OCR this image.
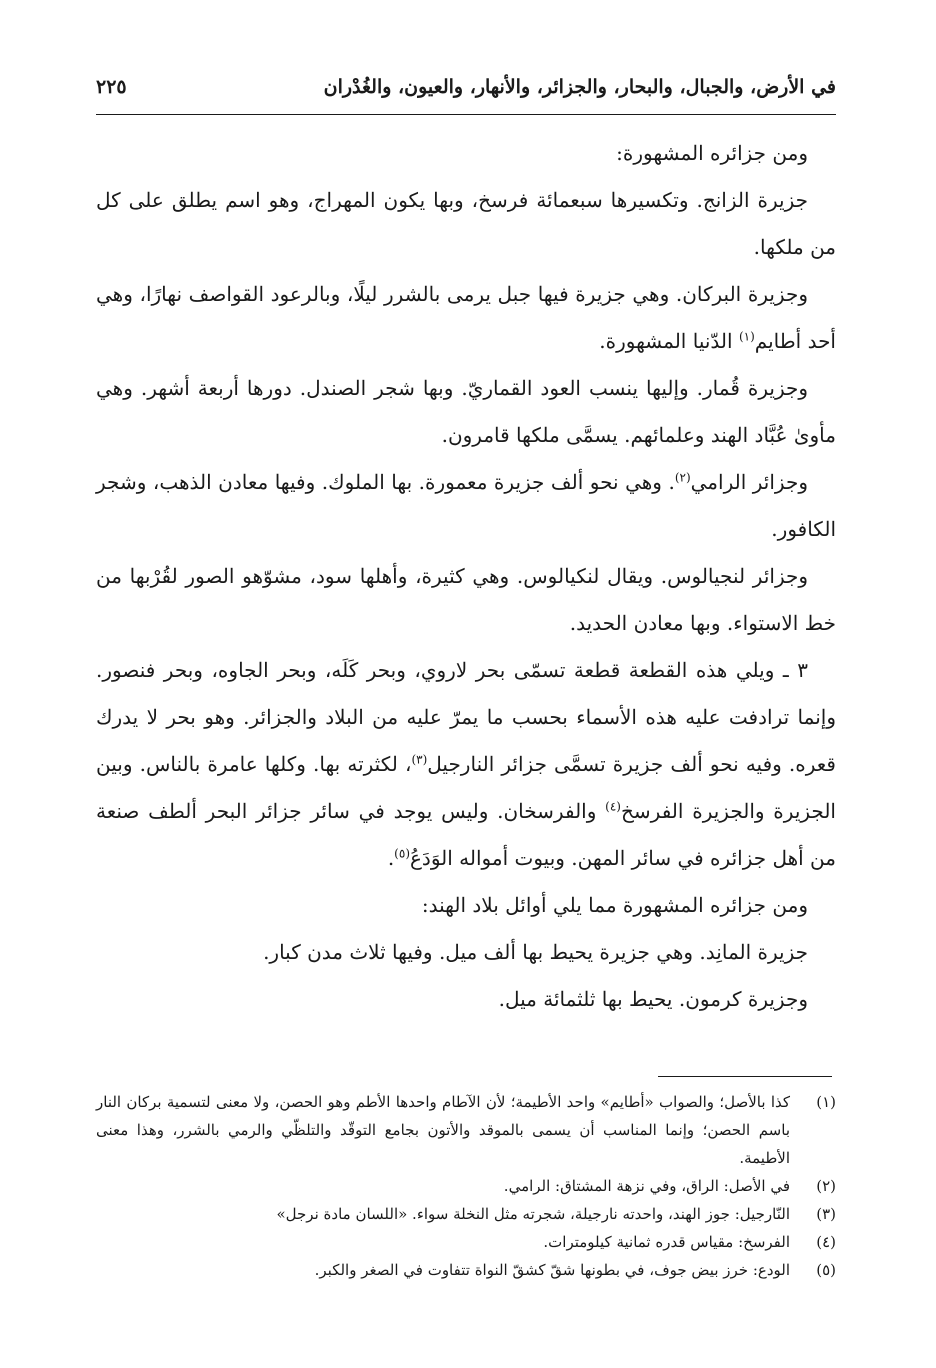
في الأرض، والجبال، والبحار، والجزائر، والأنهار، والعيون، والغُدْران
٢٢٥

ومن جزائره المشهورة:

جزيرة الزانج. وتكسيرها سبعمائة فرسخ، وبها يكون المهراج، وهو اسم يطلق على كل من ملكها.

وجزيرة البركان. وهي جزيرة فيها جبل يرمى بالشرر ليلًا، وبالرعود القواصف نهارًا، وهي أحد أطايم$^{(١)}$ الدّنيا المشهورة.

وجزيرة قُمار. وإليها ينسب العود القماريّ. وبها شجر الصندل. دورها أربعة أشهر. وهي مأوىٰ عُبَّاد الهند وعلمائهم. يسمَّى ملكها قامرون.

وجزائر الرامي$^{(٢)}$. وهي نحو ألف جزيرة معمورة. بها الملوك. وفيها معادن الذهب، وشجر الكافور.

وجزائر لنجيالوس. ويقال لنكيالوس. وهي كثيرة، وأهلها سود، مشوّهو الصور لقُرْبها من خط الاستواء. وبها معادن الحديد.

٣ ـ ويلي هذه القطعة قطعة تسمّى بحر لاروي، وبحر كَلَه، وبحر الجاوه، وبحر فنصور. وإنما ترادفت عليه هذه الأسماء بحسب ما يمرّ عليه من البلاد والجزائر. وهو بحر لا يدرك قعره. وفيه نحو ألف جزيرة تسمَّى جزائر النارجيل$^{(٣)}$، لكثرته بها. وكلها عامرة بالناس. وبين الجزيرة والجزيرة الفرسخ$^{(٤)}$ والفرسخان. وليس يوجد في سائر جزائر البحر ألطف صنعة من أهل جزائره في سائر المهن. وبيوت أمواله الوَدَعُ$^{(٥)}$.

ومن جزائره المشهورة مما يلي أوائل بلاد الهند:

جزيرة المانِد. وهي جزيرة يحيط بها ألف ميل. وفيها ثلاث مدن كبار.

وجزيرة كرمون. يحيط بها ثلثمائة ميل.

(١)
كذا بالأصل؛ والصواب «أطايم» واحد الأطيمة؛ لأن الآطام واحدها الأطم وهو الحصن، ولا معنى لتسمية بركان النار باسم الحصن؛ وإنما المناسب أن يسمى بالموقد والأتون بجامع التوقّد والتلظّي والرمي بالشرر، وهذا معنى الأطيمة.
(٢)
في الأصل: الراق، وفي نزهة المشتاق: الرامي.
(٣)
النّارجيل: جوز الهند، واحدته نارجيلة، شجرته مثل النخلة سواء. «اللسان مادة نرجل»
(٤)
الفرسخ: مقياس قدره ثمانية كيلومترات.
(٥)
الودع: خرز بيض جوف، في بطونها شقّ كشقّ النواة تتفاوت في الصغر والكبر.
